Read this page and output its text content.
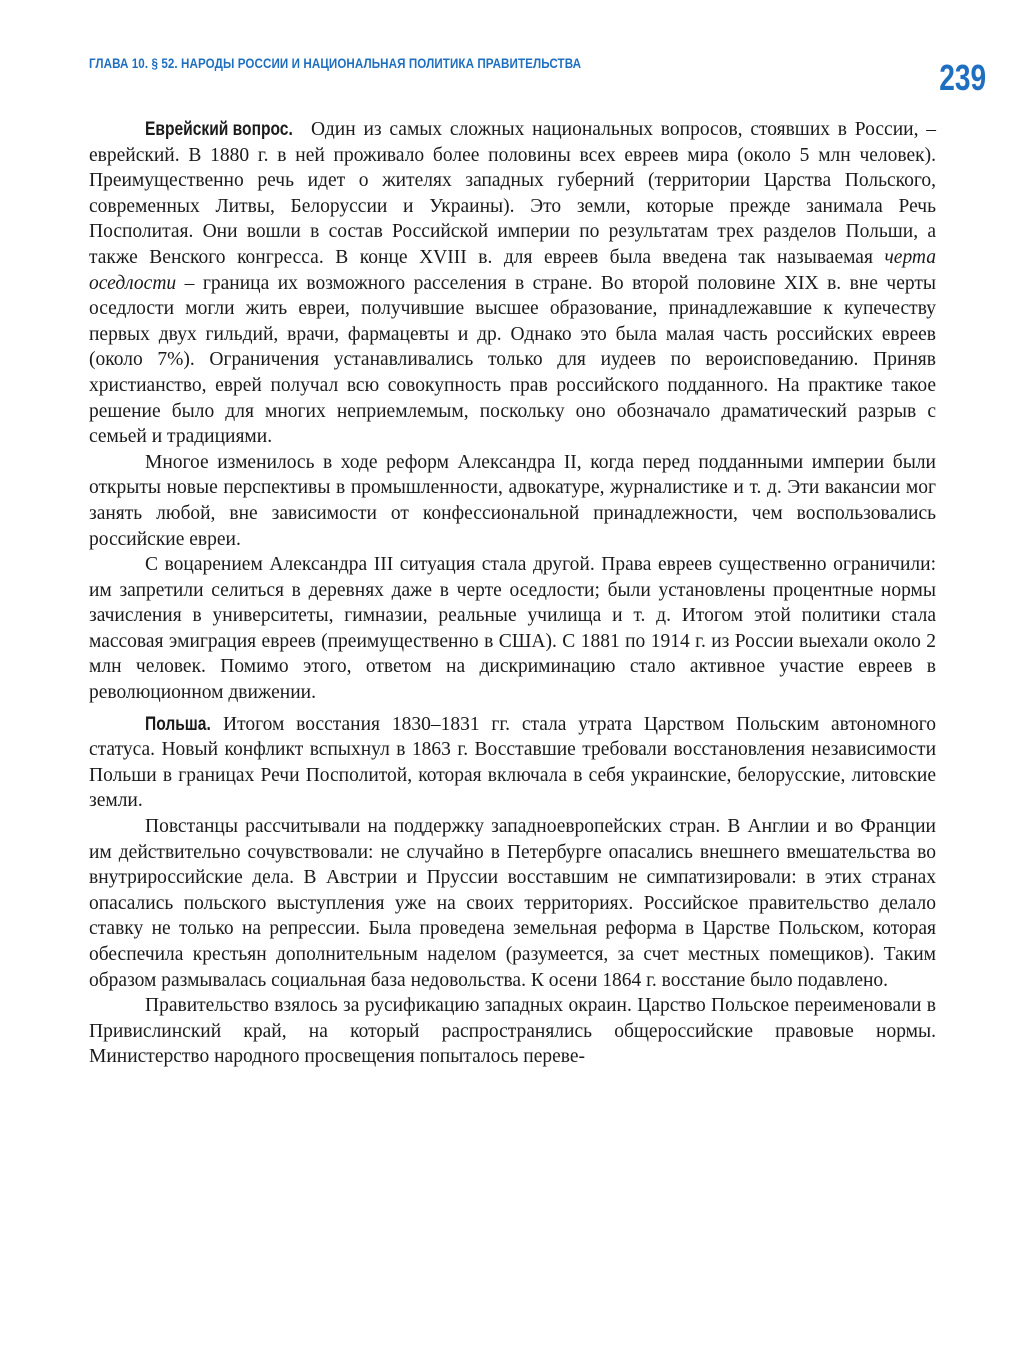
ГЛАВА 10. § 52. НАРОДЫ РОССИИ И НАЦИОНАЛЬНАЯ ПОЛИТИКА ПРАВИТЕЛЬСТВА	239

Еврейский вопрос. Один из самых сложных национальных вопросов, стоявших в России, – еврейский. В 1880 г. в ней проживало более половины всех евреев мира (около 5 млн человек). Преимущественно речь идет о жителях западных губерний (территории Царства Польского, современных Литвы, Белоруссии и Украины). Это земли, которые прежде занимала Речь Посполитая. Они вошли в состав Российской империи по результатам трех разделов Польши, а также Венского конгресса. В конце XVIII в. для евреев была введена так называемая черта оседлости – граница их возможного расселения в стране. Во второй половине XIX в. вне черты оседлости могли жить евреи, получившие высшее образование, принадлежавшие к купечеству первых двух гильдий, врачи, фармацевты и др. Однако это была малая часть российских евреев (около 7%). Ограничения устанавливались только для иудеев по вероисповеданию. Приняв христианство, еврей получал всю совокупность прав российского подданного. На практике такое решение было для многих неприемлемым, поскольку оно обозначало драматический разрыв с семьей и традициями.

Многое изменилось в ходе реформ Александра II, когда перед подданными империи были открыты новые перспективы в промышленности, адвокатуре, журналистике и т. д. Эти вакансии мог занять любой, вне зависимости от конфессиональной принадлежности, чем воспользовались российские евреи.

С воцарением Александра III ситуация стала другой. Права евреев существенно ограничили: им запретили селиться в деревнях даже в черте оседлости; были установлены процентные нормы зачисления в университеты, гимназии, реальные училища и т. д. Итогом этой политики стала массовая эмиграция евреев (преимущественно в США). С 1881 по 1914 г. из России выехали около 2 млн человек. Помимо этого, ответом на дискриминацию стало активное участие евреев в революционном движении.

Польша. Итогом восстания 1830–1831 гг. стала утрата Царством Польским автономного статуса. Новый конфликт вспыхнул в 1863 г. Восставшие требовали восстановления независимости Польши в границах Речи Посполитой, которая включала в себя украинские, белорусские, литовские земли.

Повстанцы рассчитывали на поддержку западноевропейских стран. В Англии и во Франции им действительно сочувствовали: не случайно в Петербурге опасались внешнего вмешательства во внутрироссийские дела. В Австрии и Пруссии восставшим не симпатизировали: в этих странах опасались польского выступления уже на своих территориях. Российское правительство делало ставку не только на репрессии. Была проведена земельная реформа в Царстве Польском, которая обеспечила крестьян дополнительным наделом (разумеется, за счет местных помещиков). Таким образом размывалась социальная база недовольства. К осени 1864 г. восстание было подавлено.

Правительство взялось за русификацию западных окраин. Царство Польское переименовали в Привислинский край, на который распространялись общероссийские правовые нормы. Министерство народного просвещения попыталось переве-
